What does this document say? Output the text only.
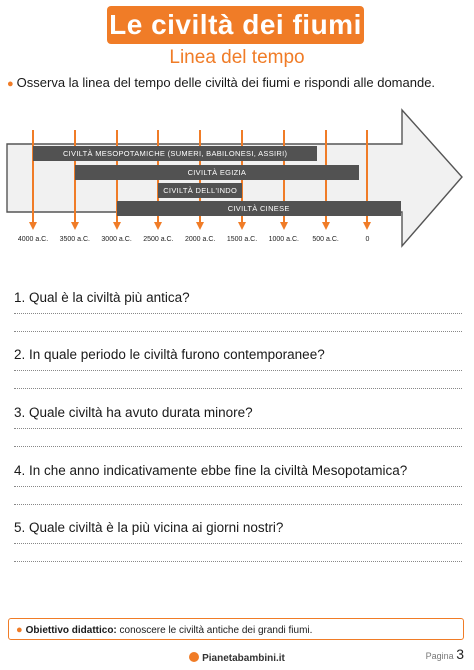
Le civiltà dei fiumi
Linea del tempo
● Osserva la linea del tempo delle civiltà dei fiumi e rispondi alle domande.
4000 a.C.	3500 a.C.	3000 a.C.	2500 a.C.	2000 a.C.	1500 a.C.	1000 a.C.	500 a.C.	0
CIVILTÀ MESOPOTAMICHE (SUMERI, BABILONESI, ASSIRI)
CIVILTÀ EGIZIA
CIVILTÀ DELL'INDO
CIVILTÀ CINESE
1. Qual è la civiltà più antica?
2. In quale periodo le civiltà furono contemporanee?
3. Quale civiltà ha avuto durata minore?
4. In che anno indicativamente ebbe fine la civiltà Mesopotamica?
5. Quale civiltà è la più vicina ai giorni nostri?
● Obiettivo didattico: conoscere le civiltà antiche dei grandi fiumi.
Pianetabambini.it	Pagina 3
